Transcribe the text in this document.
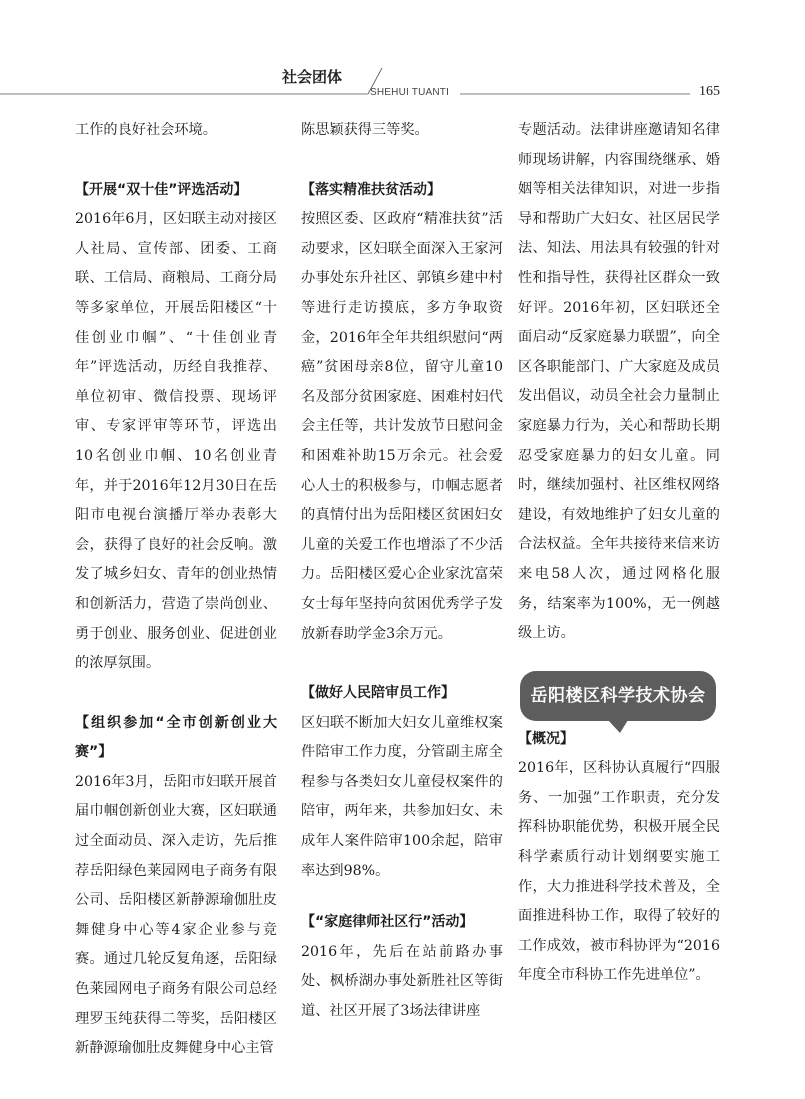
社会团体
SHEHUI TUANTI	165

工作的良好社会环境。

【开展“双十佳”评选活动】

2016年6月，区妇联主动对接区人社局、宣传部、团委、工商联、工信局、商粮局、工商分局等多家单位，开展岳阳楼区“十佳创业巾帼”、“十佳创业青年”评选活动，历经自我推荐、单位初审、微信投票、现场评审、专家评审等环节，评选出10名创业巾帼、10名创业青年，并于2016年12月30日在岳阳市电视台演播厅举办表彰大会，获得了良好的社会反响。激发了城乡妇女、青年的创业热情和创新活力，营造了崇尚创业、勇于创业、服务创业、促进创业的浓厚氛围。

【组织参加“全市创新创业大赛”】

2016年3月，岳阳市妇联开展首届巾帼创新创业大赛，区妇联通过全面动员、深入走访，先后推荐岳阳绿色莱园网电子商务有限公司、岳阳楼区新静源瑜伽肚皮舞健身中心等4家企业参与竞赛。通过几轮反复角逐，岳阳绿色莱园网电子商务有限公司总经理罗玉纯获得二等奖，岳阳楼区新静源瑜伽肚皮舞健身中心主管

陈思颖获得三等奖。

【落实精准扶贫活动】

按照区委、区政府“精准扶贫”活动要求，区妇联全面深入王家河办事处东升社区、郭镇乡建中村等进行走访摸底，多方争取资金，2016年全年共组织慰问“两癌”贫困母亲8位，留守儿童10名及部分贫困家庭、困难村妇代会主任等，共计发放节日慰问金和困难补助15万余元。社会爱心人士的积极参与，巾帼志愿者的真情付出为岳阳楼区贫困妇女儿童的关爱工作也增添了不少活力。岳阳楼区爱心企业家沈富荣女士每年坚持向贫困优秀学子发放新春助学金3余万元。

【做好人民陪审员工作】

区妇联不断加大妇女儿童维权案件陪审工作力度，分管副主席全程参与各类妇女儿童侵权案件的陪审，两年来，共参加妇女、未成年人案件陪审100余起，陪审率达到98%。

【“家庭律师社区行”活动】

2016年，先后在站前路办事处、枫桥湖办事处新胜社区等街道、社区开展了3场法律讲座

专题活动。法律讲座邀请知名律师现场讲解，内容围绕继承、婚姻等相关法律知识，对进一步指导和帮助广大妇女、社区居民学法、知法、用法具有较强的针对性和指导性，获得社区群众一致好评。2016年初，区妇联还全面启动“反家庭暴力联盟”，向全区各职能部门、广大家庭及成员发出倡议，动员全社会力量制止家庭暴力行为，关心和帮助长期忍受家庭暴力的妇女儿童。同时，继续加强村、社区维权网络建设，有效地维护了妇女儿童的合法权益。全年共接待来信来访来电58人次，通过网格化服务，结案率为100%，无一例越级上访。

岳阳楼区科学技术协会

【概况】

2016年，区科协认真履行“四服务、一加强”工作职责，充分发挥科协职能优势，积极开展全民科学素质行动计划纲要实施工作，大力推进科学技术普及，全面推进科协工作，取得了较好的工作成效，被市科协评为“2016年度全市科协工作先进单位”。
